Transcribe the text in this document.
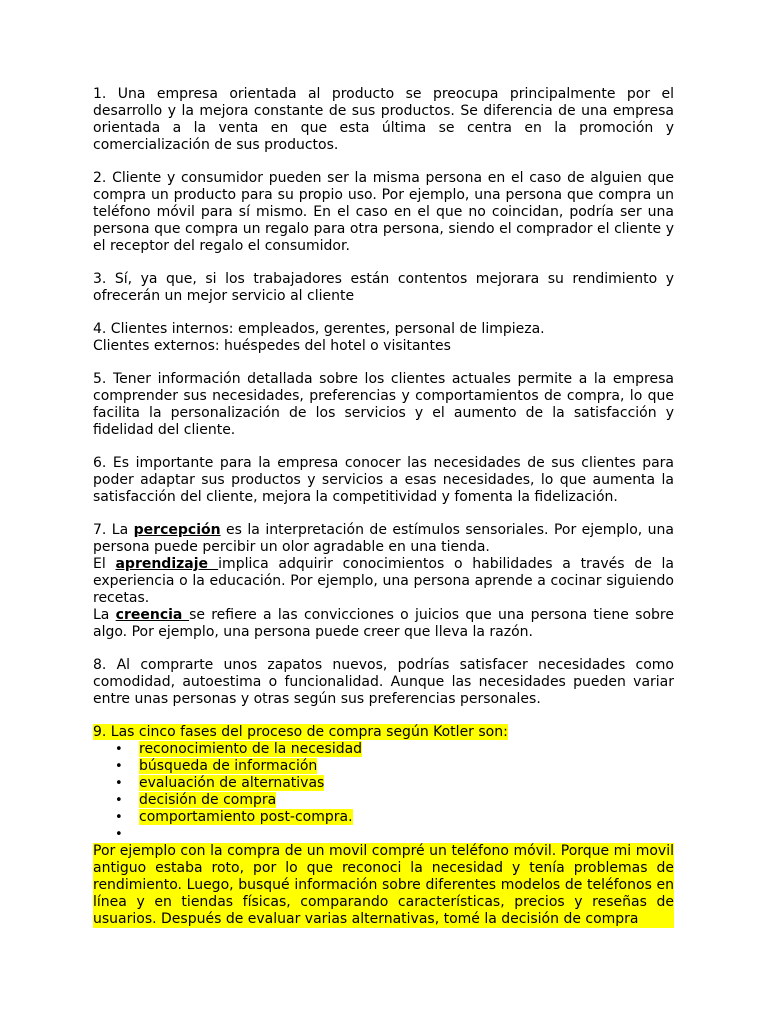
1. Una empresa orientada al producto se preocupa principalmente por el desarrollo y la mejora constante de sus productos. Se diferencia de una empresa orientada a la venta en que esta última se centra en la promoción y comercialización de sus productos.

2. Cliente y consumidor pueden ser la misma persona en el caso de alguien que compra un producto para su propio uso. Por ejemplo, una persona que compra un teléfono móvil para sí mismo. En el caso en el que no coincidan, podría ser una persona que compra un regalo para otra persona, siendo el comprador el cliente y el receptor del regalo el consumidor.

3. Sí, ya que, si los trabajadores están contentos mejorara su rendimiento y ofrecerán un mejor servicio al cliente

4. Clientes internos: empleados, gerentes, personal de limpieza.

Clientes externos: huéspedes del hotel o visitantes

5. Tener información detallada sobre los clientes actuales permite a la empresa comprender sus necesidades, preferencias y comportamientos de compra, lo que facilita la personalización de los servicios y el aumento de la satisfacción y fidelidad del cliente.

6. Es importante para la empresa conocer las necesidades de sus clientes para poder adaptar sus productos y servicios a esas necesidades, lo que aumenta la satisfacción del cliente, mejora la competitividad y fomenta la fidelización.

7. La percepción es la interpretación de estímulos sensoriales. Por ejemplo, una persona puede percibir un olor agradable en una tienda.

El aprendizaje implica adquirir conocimientos o habilidades a través de la experiencia o la educación. Por ejemplo, una persona aprende a cocinar siguiendo recetas.

La creencia se refiere a las convicciones o juicios que una persona tiene sobre algo. Por ejemplo, una persona puede creer que lleva la razón.

8. Al comprarte unos zapatos nuevos, podrías satisfacer necesidades como comodidad, autoestima o funcionalidad. Aunque las necesidades pueden variar entre unas personas y otras según sus preferencias personales.

9. Las cinco fases del proceso de compra según Kotler son:

• reconocimiento de la necesidad
• búsqueda de información
• evaluación de alternativas
• decisión de compra
• comportamiento post-compra.
•

Por ejemplo con la compra de un movil compré un teléfono móvil. Porque mi movil antiguo estaba roto, por lo que reconoci la necesidad y tenía problemas de rendimiento. Luego, busqué información sobre diferentes modelos de teléfonos en línea y en tiendas físicas, comparando características, precios y reseñas de usuarios. Después de evaluar varias alternativas, tomé la decisión de compra
